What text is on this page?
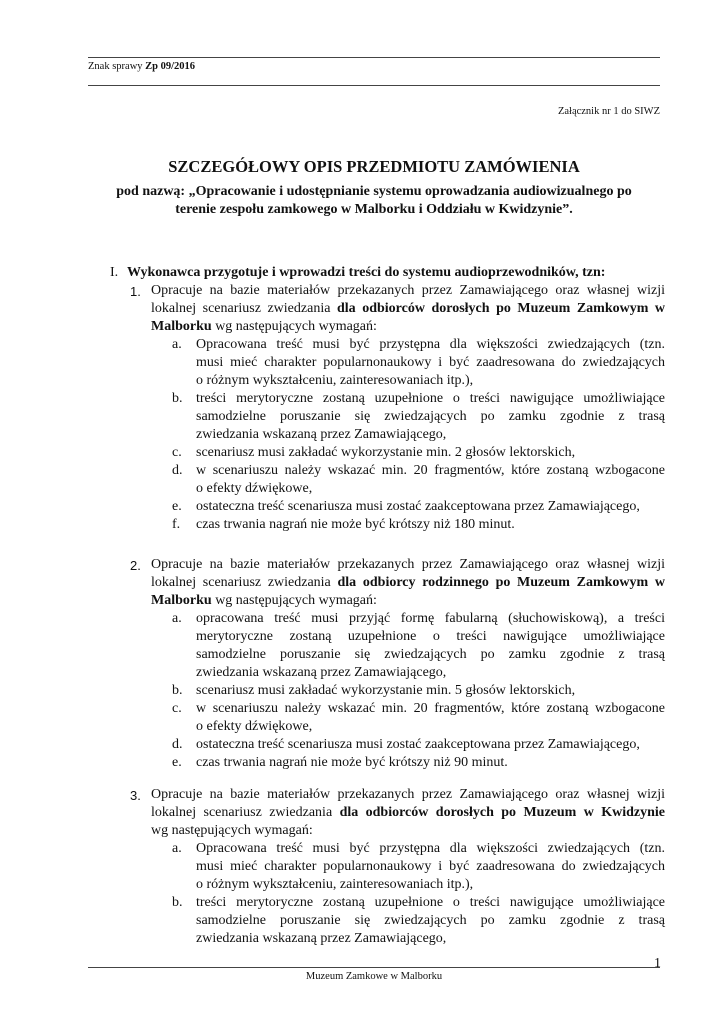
Znak sprawy Zp 09/2016
Załącznik nr 1 do SIWZ
SZCZEGÓŁOWY OPIS PRZEDMIOTU ZAMÓWIENIA
pod nazwą: „Opracowanie i udostępnianie systemu oprowadzania audiowizualnego po
terenie zespołu zamkowego w Malborku i Oddziału w Kwidzynie”.
I. Wykonawca przygotuje i wprowadzi treści do systemu audioprzewodników, tzn:
1. Opracuje na bazie materiałów przekazanych przez Zamawiającego oraz własnej wizji
lokalnej scenariusz zwiedzania dla odbiorców dorosłych po Muzeum Zamkowym w
Malborku wg następujących wymagań:
a. Opracowana treść musi być przystępna dla większości zwiedzających (tzn.
musi mieć charakter popularnonaukowy i być zaadresowana do zwiedzających
o różnym wykształceniu, zainteresowaniach itp.),
b. treści merytoryczne zostaną uzupełnione o treści nawigujące umożliwiające
samodzielne poruszanie się zwiedzających po zamku zgodnie z trasą
zwiedzania wskazaną przez Zamawiającego,
c. scenariusz musi zakładać wykorzystanie min. 2 głosów lektorskich,
d. w scenariuszu należy wskazać min. 20 fragmentów, które zostaną wzbogacone
o efekty dźwiękowe,
e. ostateczna treść scenariusza musi zostać zaakceptowana przez Zamawiającego,
f. czas trwania nagrań nie może być krótszy niż 180 minut.
2. Opracuje na bazie materiałów przekazanych przez Zamawiającego oraz własnej wizji
lokalnej scenariusz zwiedzania dla odbiorcy rodzinnego po Muzeum Zamkowym w
Malborku wg następujących wymagań:
a. opracowana treść musi przyjąć formę fabularną (słuchowiskową), a treści
merytoryczne zostaną uzupełnione o treści nawigujące umożliwiające
samodzielne poruszanie się zwiedzających po zamku zgodnie z trasą
zwiedzania wskazaną przez Zamawiającego,
b. scenariusz musi zakładać wykorzystanie min. 5 głosów lektorskich,
c. w scenariuszu należy wskazać min. 20 fragmentów, które zostaną wzbogacone
o efekty dźwiękowe,
d. ostateczna treść scenariusza musi zostać zaakceptowana przez Zamawiającego,
e. czas trwania nagrań nie może być krótszy niż 90 minut.
3. Opracuje na bazie materiałów przekazanych przez Zamawiającego oraz własnej wizji
lokalnej scenariusz zwiedzania dla odbiorców dorosłych po Muzeum w Kwidzynie
wg następujących wymagań:
a. Opracowana treść musi być przystępna dla większości zwiedzających (tzn.
musi mieć charakter popularnonaukowy i być zaadresowana do zwiedzających
o różnym wykształceniu, zainteresowaniach itp.),
b. treści merytoryczne zostaną uzupełnione o treści nawigujące umożliwiające
samodzielne poruszanie się zwiedzających po zamku zgodnie z trasą
zwiedzania wskazaną przez Zamawiającego,
1
Muzeum Zamkowe w Malborku
